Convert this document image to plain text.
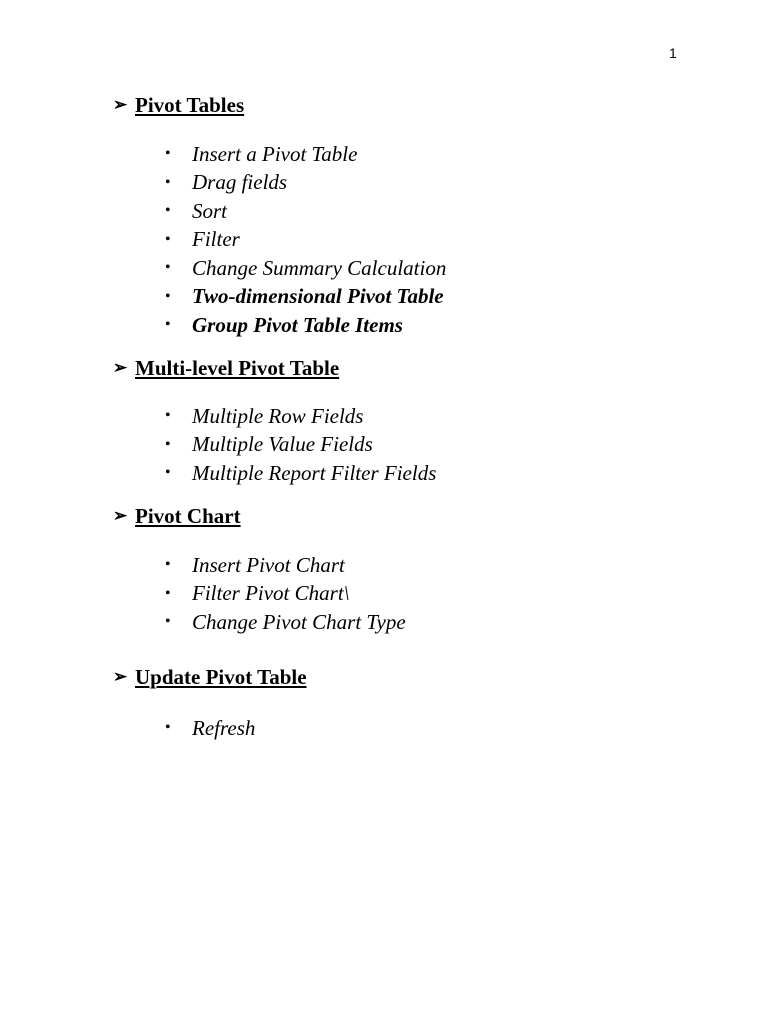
1
➢ Pivot Tables
•	Insert a Pivot Table
•	Drag fields
•	Sort
•	Filter
•	Change Summary Calculation
•	Two-dimensional Pivot Table
•	Group Pivot Table Items
➢ Multi-level Pivot Table
•	Multiple Row Fields
•	Multiple Value Fields
•	Multiple Report Filter Fields
➢ Pivot Chart
•	Insert Pivot Chart
•	Filter Pivot Chart\
•	Change Pivot Chart Type
➢ Update Pivot Table
•	Refresh
